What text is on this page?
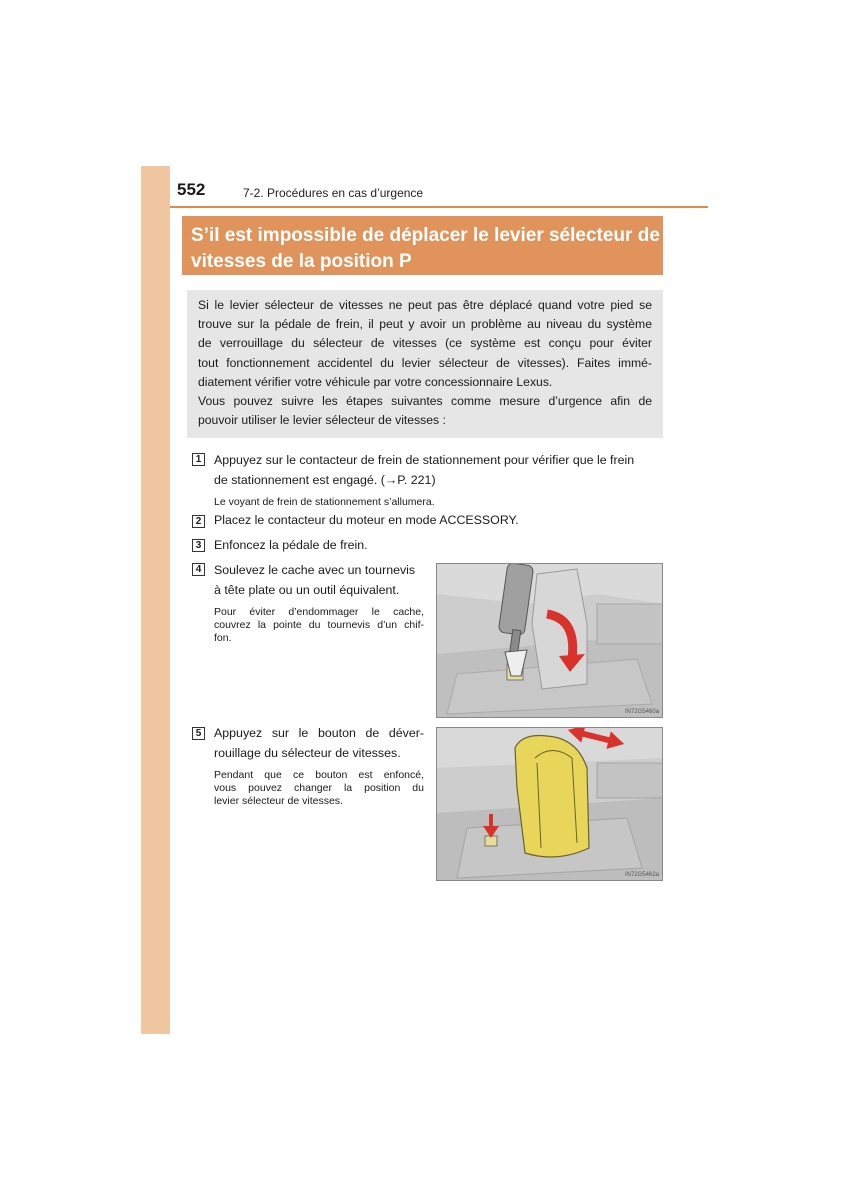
552	7-2. Procédures en cas d’urgence
S’il est impossible de déplacer le levier sélecteur de
vitesses de la position P
Si le levier sélecteur de vitesses ne peut pas être déplacé quand votre pied se
trouve sur la pédale de frein, il peut y avoir un problème au niveau du système
de verrouillage du sélecteur de vitesses (ce système est conçu pour éviter
tout fonctionnement accidentel du levier sélecteur de vitesses). Faites immé-
diatement vérifier votre véhicule par votre concessionnaire Lexus.
Vous pouvez suivre les étapes suivantes comme mesure d’urgence afin de
pouvoir utiliser le levier sélecteur de vitesses :
1 Appuyez sur le contacteur de frein de stationnement pour vérifier que le frein
de stationnement est engagé. (→P. 221)
Le voyant de frein de stationnement s’allumera.
2 Placez le contacteur du moteur en mode ACCESSORY.
3 Enfoncez la pédale de frein.
4 Soulevez le cache avec un tournevis
à tête plate ou un outil équivalent.
Pour éviter d’endommager le cache,
couvrez la pointe du tournevis d’un chif-
fon.
IN72G5460a
5 Appuyez sur le bouton de déver-
rouillage du sélecteur de vitesses.
Pendant que ce bouton est enfoncé,
vous pouvez changer la position du
levier sélecteur de vitesses.
IN72G5462a
